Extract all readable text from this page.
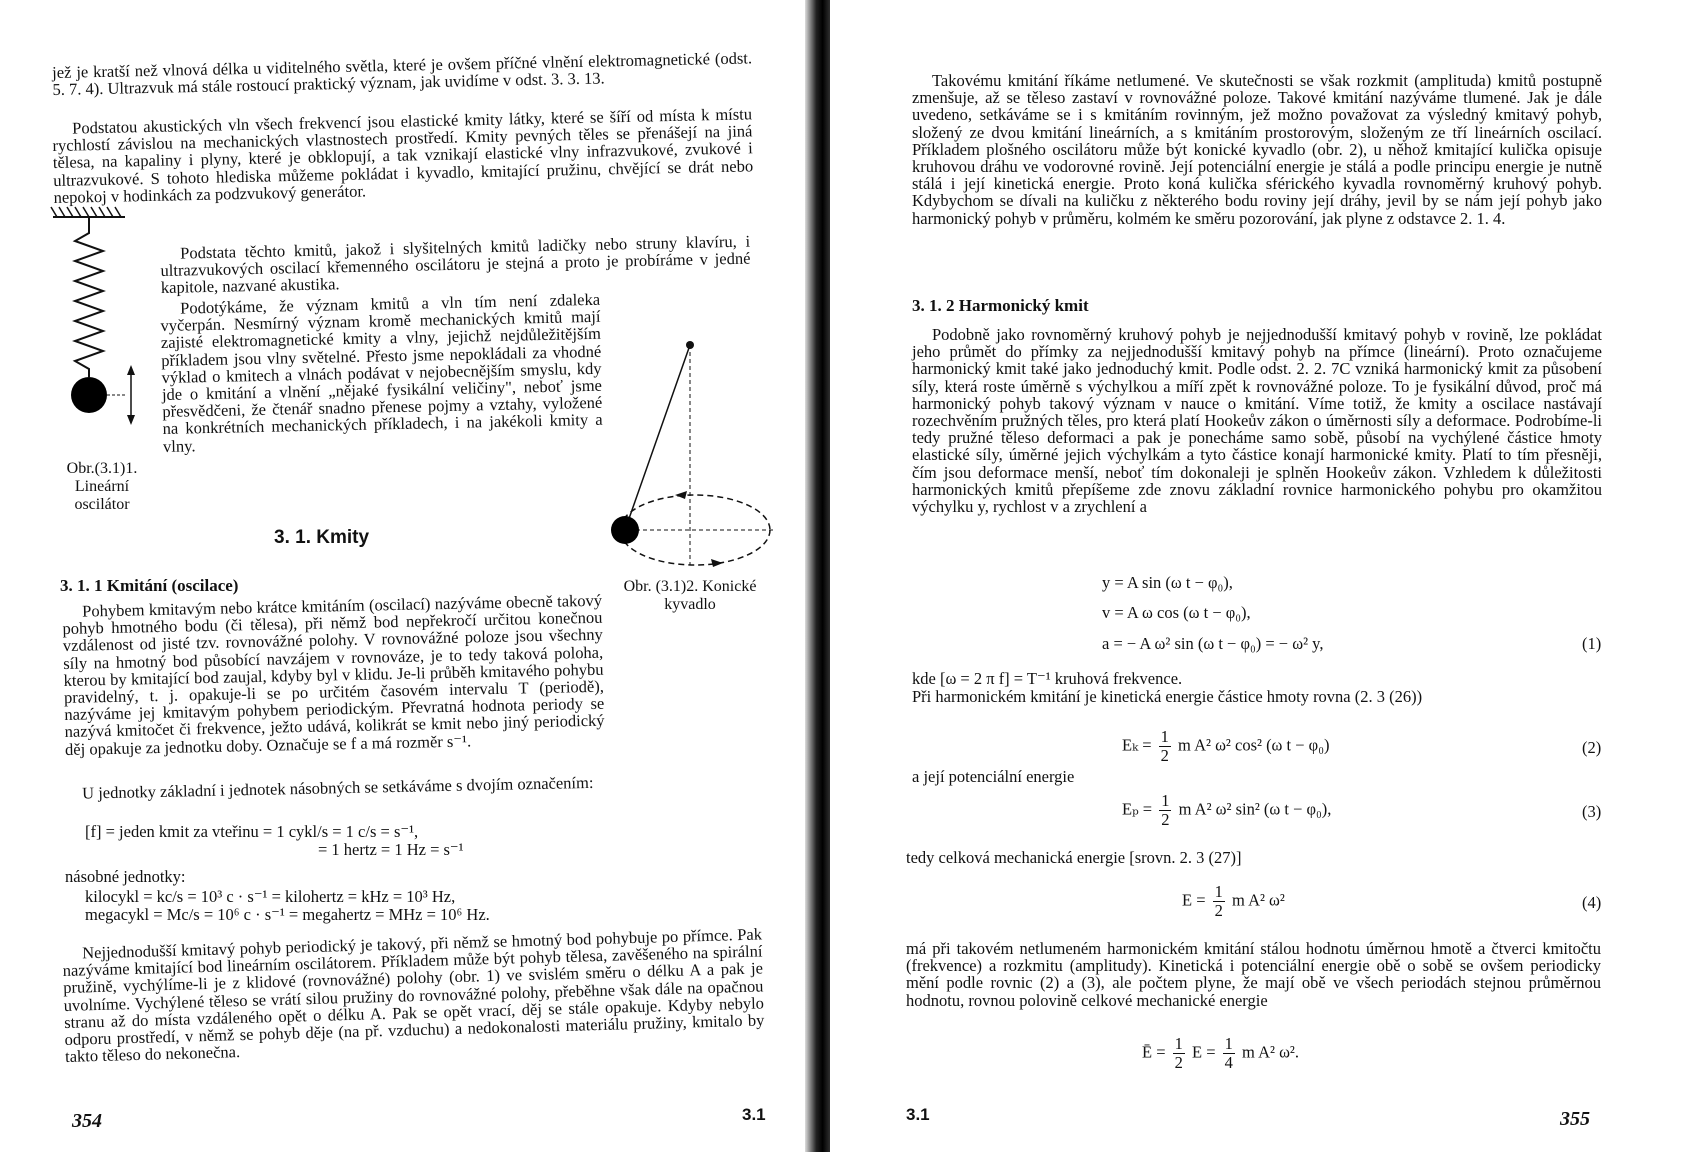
jež je kratší než vlnová délka u viditelného světla, které je ovšem příčné vlnění elektromagnetické (odst. 5. 7. 4). Ultrazvuk má stále rostoucí praktický význam, jak uvidíme v odst. 3. 3. 13.

Podstatou akustických vln všech frekvencí jsou elastické kmity látky, které se šíří od místa k místu rychlostí závislou na mechanických vlastnostech prostředí. Kmity pevných těles se přenášejí na jiná tělesa, na kapaliny i plyny, které je obklopují, a tak vznikají elastické vlny infrazvukové, zvukové i ultrazvukové. S tohoto hlediska můžeme pokládat i kyvadlo, kmitající pružinu, chvějící se drát nebo nepokoj v hodinkách za podzvukový generátor.

Podstata těchto kmitů, jakož i slyšitelných kmitů ladičky nebo struny klavíru, i ultrazvukových oscilací křemenného oscilátoru je stejná a proto je probíráme v jedné kapitole, nazvané akustika.

Podotýkáme, že význam kmitů a vln tím není zdaleka vyčerpán. Nesmírný význam kromě mechanických kmitů mají zajisté elektromagnetické kmity a vlny, jejichž nejdůležitějším příkladem jsou vlny světelné. Přesto jsme nepokládali za vhodné výklad o kmitech a vlnách podávat v nejobecnějším smyslu, kdy jde o kmitání a vlnění „nějaké fysikální veličiny", neboť jsme přesvědčeni, že čtenář snadno přenese pojmy a vztahy, vyložené na konkrétních mechanických příkladech, i na jakékoli kmity a vlny.

Obr.(3.1)1. Lineární oscilátor
Obr. (3.1)2. Konické kyvadlo
3. 1. Kmity
3. 1. 1 Kmitání (oscilace)

Pohybem kmitavým nebo krátce kmitáním (oscilací) nazýváme obecně takový pohyb hmotného bodu (či tělesa), při němž bod nepřekročí určitou konečnou vzdálenost od jisté tzv. rovnovážné polohy. V rovnovážné poloze jsou všechny síly na hmotný bod působící navzájem v rovnováze, je to tedy taková poloha, kterou by kmitající bod zaujal, kdyby byl v klidu. Je-li průběh kmitavého pohybu pravidelný, t. j. opakuje-li se po určitém časovém intervalu T (periodě), nazýváme jej kmitavým pohybem periodickým. Převratná hodnota periody se nazývá kmitočet či frekvence, ježto udává, kolikrát se kmit nebo jiný periodický děj opakuje za jednotku doby. Označuje se f a má rozměr s⁻¹.

U jednotky základní i jednotek násobných se setkáváme s dvojím označením:

[f] = jeden kmit za vteřinu = 1 cykl/s = 1 c/s = s⁻¹,
= 1 hertz = 1 Hz = s⁻¹
násobné jednotky:
kilocykl = kc/s = 10³ c · s⁻¹ = kilohertz = kHz = 10³ Hz,
megacykl = Mc/s = 10⁶ c · s⁻¹ = megahertz = MHz = 10⁶ Hz.

Nejjednodušší kmitavý pohyb periodický je takový, při němž se hmotný bod pohybuje po přímce. Pak nazýváme kmitající bod lineárním oscilátorem. Příkladem může být pohyb tělesa, zavěšeného na spirální pružině, vychýlíme-li je z klidové (rovnovážné) polohy (obr. 1) ve svislém směru o délku A a pak je uvolníme. Vychýlené těleso se vrátí silou pružiny do rovnovážné polohy, přeběhne však dále na opačnou stranu až do místa vzdáleného opět o délku A. Pak se opět vrací, děj se stále opakuje. Kdyby nebylo odporu prostředí, v němž se pohyb děje (na př. vzduchu) a nedokonalosti materiálu pružiny, kmitalo by takto těleso do nekonečna.

354	3.1

Takovému kmitání říkáme netlumené. Ve skutečnosti se však rozkmit (amplituda) kmitů postupně zmenšuje, až se těleso zastaví v rovnovážné poloze. Takové kmitání nazýváme tlumené. Jak je dále uvedeno, setkáváme se i s kmitáním rovinným, jež možno považovat za výsledný kmitavý pohyb, složený ze dvou kmitání lineárních, a s kmitáním prostorovým, složeným ze tří lineárních oscilací. Příkladem plošného oscilátoru může být konické kyvadlo (obr. 2), u něhož kmitající kulička opisuje kruhovou dráhu ve vodorovné rovině. Její potenciální energie je stálá a podle principu energie je nutně stálá i její kinetická energie. Proto koná kulička sférického kyvadla rovnoměrný kruhový pohyb. Kdybychom se dívali na kuličku z některého bodu roviny její dráhy, jevil by se nám její pohyb jako harmonický pohyb v průměru, kolmém ke směru pozorování, jak plyne z odstavce 2. 1. 4.

3. 1. 2 Harmonický kmit

Podobně jako rovnoměrný kruhový pohyb je nejjednodušší kmitavý pohyb v rovině, lze pokládat jeho průmět do přímky za nejjednodušší kmitavý pohyb na přímce (lineární). Proto označujeme harmonický kmit také jako jednoduchý kmit. Podle odst. 2. 2. 7C vzniká harmonický kmit za působení síly, která roste úměrně s výchylkou a míří zpět k rovnovážné poloze. To je fysikální důvod, proč má harmonický pohyb takový význam v nauce o kmitání. Víme totiž, že kmity a oscilace nastávají rozechvěním pružných těles, pro která platí Hookeův zákon o úměrnosti síly a deformace. Podrobíme-li tedy pružné těleso deformaci a pak je ponecháme samo sobě, působí na vychýlené částice hmoty elastické síly, úměrné jejich výchylkám a tyto částice konají harmonické kmity. Platí to tím přesněji, čím jsou deformace menší, neboť tím dokonaleji je splněn Hookeův zákon. Vzhledem k důležitosti harmonických kmitů přepíšeme zde znovu základní rovnice harmonického pohybu pro okamžitou výchylku y, rychlost v a zrychlení a

y = A sin (ω t − φ₀),
v = A ω cos (ω t − φ₀),
a = − A ω² sin (ω t − φ₀) = − ω² y,	(1)
kde [ω = 2 π f] = T⁻¹ kruhová frekvence.
Při harmonickém kmitání je kinetická energie částice hmoty rovna (2. 3 (26))
$E_k = \frac{1}{2}$ m A² ω² cos² (ω t − φ₀)	(2)
a její potenciální energie
$E_p = \frac{1}{2}$ m A² ω² sin² (ω t − φ₀),	(3)
tedy celková mechanická energie [srovn. 2. 3 (27)]
$E = \frac{1}{2}$ m A² ω²	(4)

má při takovém netlumeném harmonickém kmitání stálou hodnotu úměrnou hmotě a čtverci kmitočtu (frekvence) a rozkmitu (amplitudy). Kinetická i potenciální energie obě o sobě se ovšem periodicky mění podle rovnic (2) a (3), ale počtem plyne, že mají obě ve všech periodách stejnou průměrnou hodnotu, rovnou polovině celkové mechanické energie

Ē = $\frac{1}{2}$ $E = \frac{1}{4}$ m A² ω².
3.1	355
